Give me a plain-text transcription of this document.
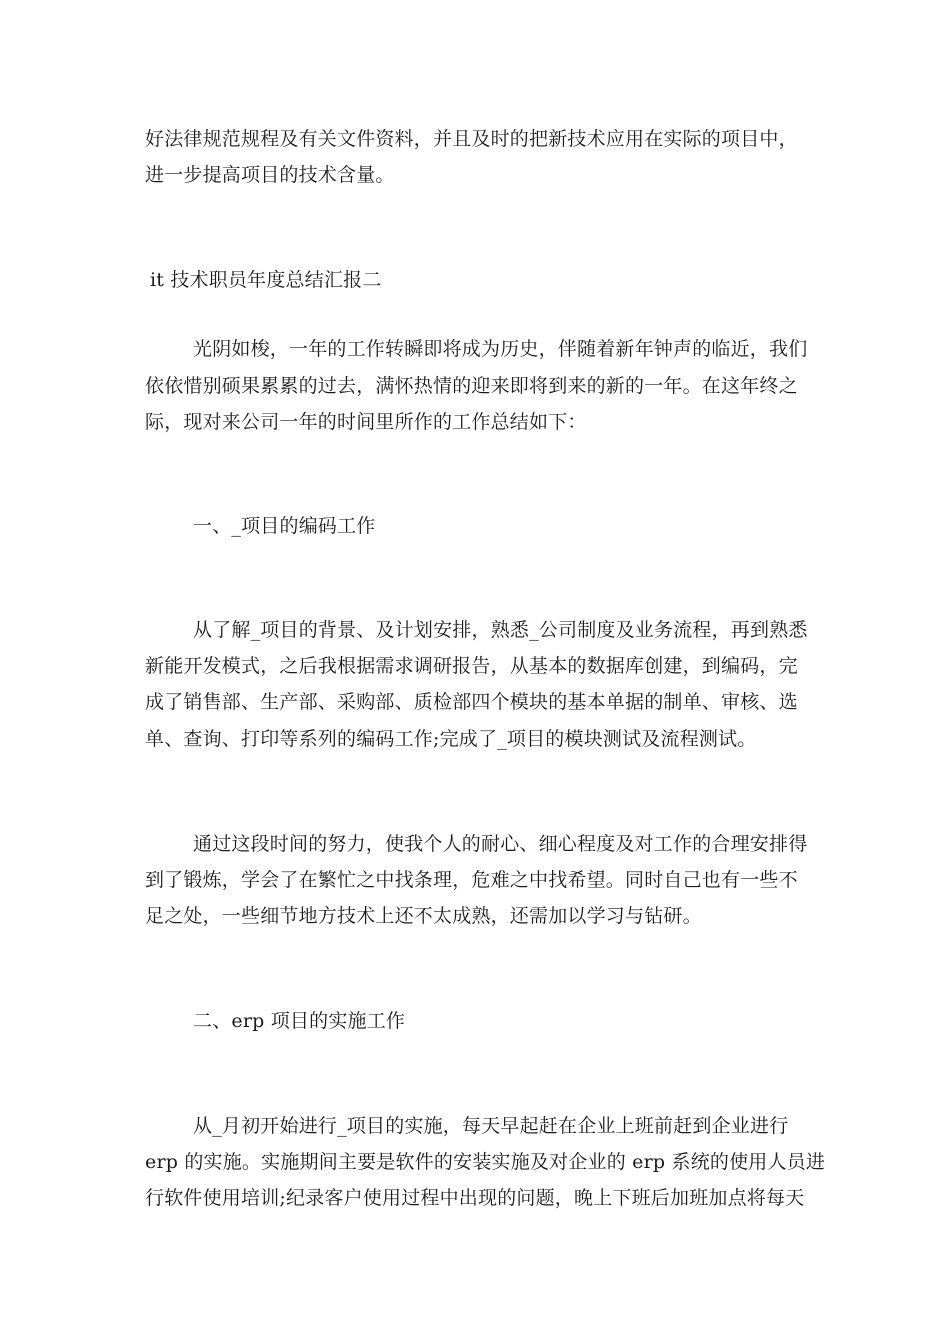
好法律规范规程及有关文件资料，并且及时的把新技术应用在实际的项目中，
进一步提高项目的技术含量。
it 技术职员年度总结汇报二
光阴如梭，一年的工作转瞬即将成为历史，伴随着新年钟声的临近，我们
依依惜别硕果累累的过去，满怀热情的迎来即将到来的新的一年。在这年终之
际，现对来公司一年的时间里所作的工作总结如下：
一、_项目的编码工作
从了解_项目的背景、及计划安排，熟悉_公司制度及业务流程，再到熟悉
新能开发模式，之后我根据需求调研报告，从基本的数据库创建，到编码，完
成了销售部、生产部、采购部、质检部四个模块的基本单据的制单、审核、选
单、查询、打印等系列的编码工作;完成了_项目的模块测试及流程测试。
通过这段时间的努力，使我个人的耐心、细心程度及对工作的合理安排得
到了锻炼，学会了在繁忙之中找条理，危难之中找希望。同时自己也有一些不
足之处，一些细节地方技术上还不太成熟，还需加以学习与钻研。
二、erp 项目的实施工作
从_月初开始进行_项目的实施，每天早起赶在企业上班前赶到企业进行
erp 的实施。实施期间主要是软件的安装实施及对企业的 erp 系统的使用人员进
行软件使用培训;纪录客户使用过程中出现的问题，晚上下班后加班加点将每天
